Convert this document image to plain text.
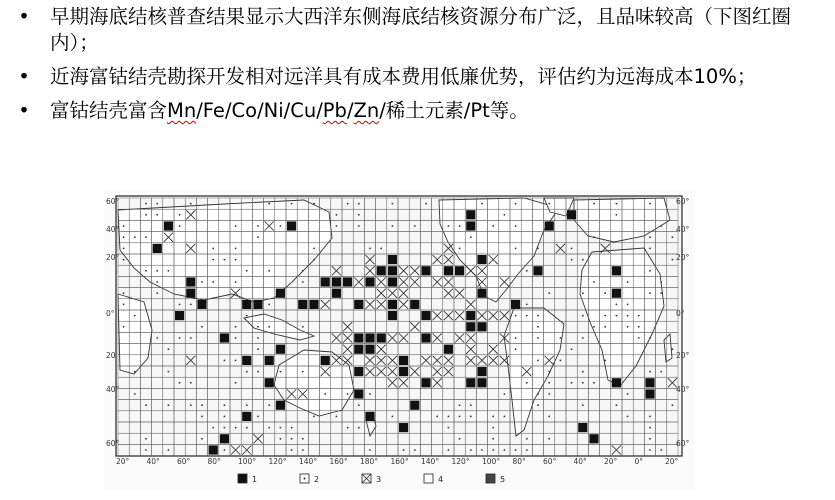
• 早期海底结核普查结果显示大西洋东侧海底结核资源分布广泛，且品味较高（下图红圈内）；
• 近海富钴结壳勘探开发相对远洋具有成本费用低廉优势，评估约为远海成本10%；
• 富钴结壳富含Mn/Fe/Co/Ni/Cu/Pb/Zn/稀土元素/Pt等。
60°
40°
20°
0°
20
40°
60°
60°
40°
20°
0°
20°
40°
60°
20° 40° 60° 80° 100° 120° 140° 160° 180° 160° 140° 120° 100° 80° 60° 40° 20° 0°	20°
1	2	3	4	5
